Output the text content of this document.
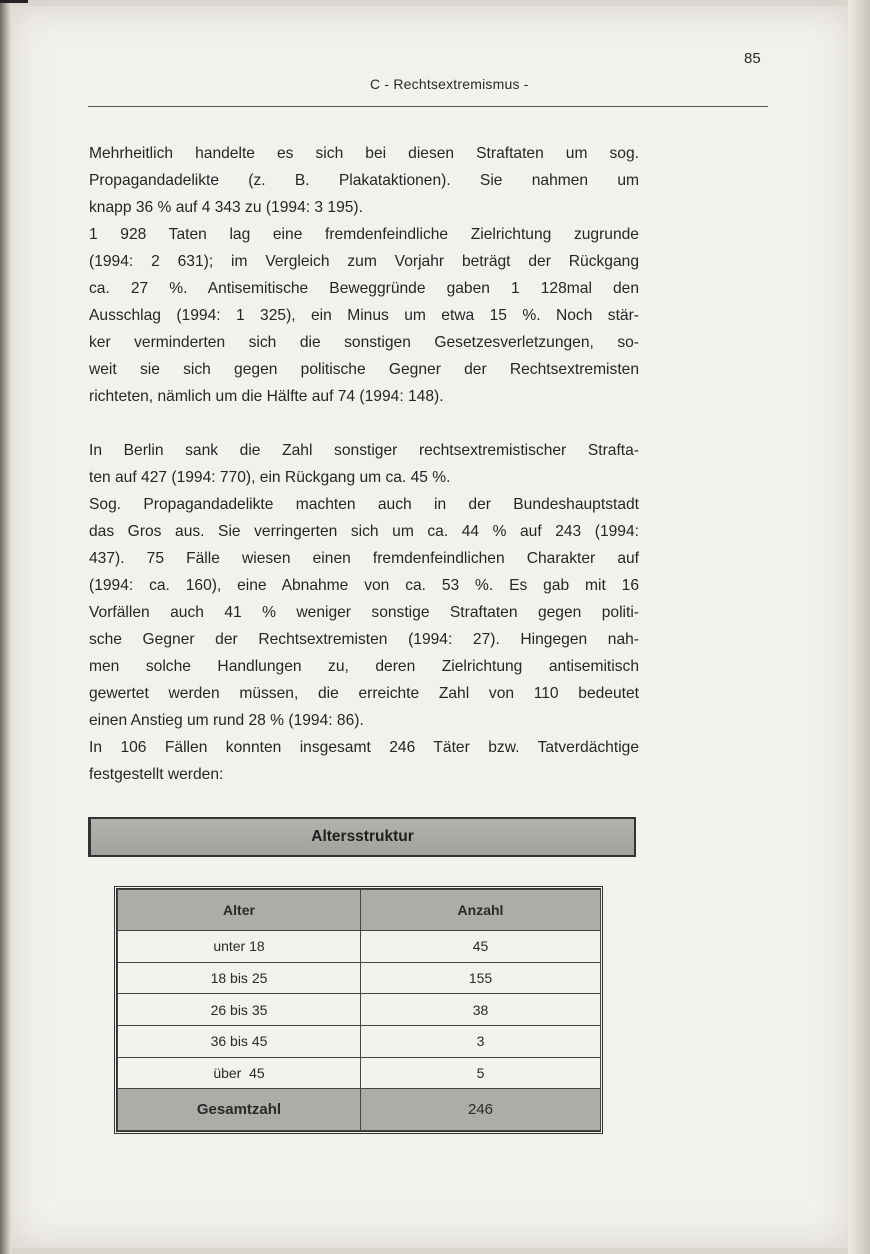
85
C - Rechtsextremismus -

Mehrheitlich handelte es sich bei diesen Straftaten um sog.
Propagandadelikte (z. B. Plakataktionen). Sie nahmen um
knapp 36 % auf 4 343 zu (1994: 3 195).
1 928 Taten lag eine fremdenfeindliche Zielrichtung zugrunde
(1994: 2 631); im Vergleich zum Vorjahr beträgt der Rückgang
ca. 27 %. Antisemitische Beweggründe gaben 1 128mal den
Ausschlag (1994: 1 325), ein Minus um etwa 15 %. Noch stär-
ker verminderten sich die sonstigen Gesetzesverletzungen, so-
weit sie sich gegen politische Gegner der Rechtsextremisten
richteten, nämlich um die Hälfte auf 74 (1994: 148).

In Berlin sank die Zahl sonstiger rechtsextremistischer Strafta-
ten auf 427 (1994: 770), ein Rückgang um ca. 45 %.
Sog. Propagandadelikte machten auch in der Bundeshauptstadt
das Gros aus. Sie verringerten sich um ca. 44 % auf 243 (1994:
437). 75 Fälle wiesen einen fremdenfeindlichen Charakter auf
(1994: ca. 160), eine Abnahme von ca. 53 %. Es gab mit 16
Vorfällen auch 41 % weniger sonstige Straftaten gegen politi-
sche Gegner der Rechtsextremisten (1994: 27). Hingegen nah-
men solche Handlungen zu, deren Zielrichtung antisemitisch
gewertet werden müssen, die erreichte Zahl von 110 bedeutet
einen Anstieg um rund 28 % (1994: 86).
In 106 Fällen konnten insgesamt 246 Täter bzw. Tatverdächtige
festgestellt werden:

Altersstruktur
Alter	Anzahl
unter 18	45
18 bis 25	155
26 bis 35	38
36 bis 45	3
über  45	5
Gesamtzahl	246
